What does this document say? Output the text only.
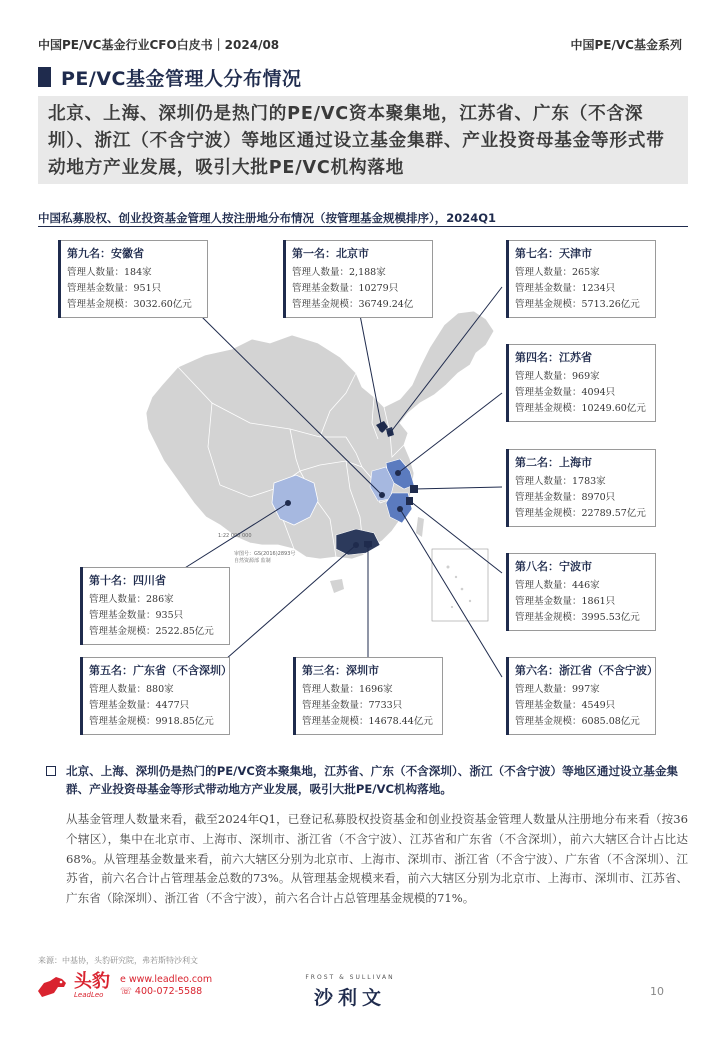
中国PE/VC基金行业CFO白皮书｜2024/08	中国PE/VC基金系列
PE/VC基金管理人分布情况
北京、上海、深圳仍是热门的PE/VC资本聚集地，江苏省、广东（不含深圳）、浙江（不含宁波）等地区通过设立基金集群、产业投资母基金等形式带动地方产业发展，吸引大批PE/VC机构落地
中国私募股权、创业投资基金管理人按注册地分布情况（按管理基金规模排序），2024Q1
1:22 000 000
审图号：GS(2016)2893号
自然资源部 监制
第九名：安徽省
管理人数量：184家
管理基金数量：951只
管理基金规模：3032.60亿元
第一名：北京市
管理人数量：2,188家
管理基金数量：10279只
管理基金规模：36749.24亿
第七名：天津市
管理人数量：265家
管理基金数量：1234只
管理基金规模：5713.26亿元
第四名：江苏省
管理人数量：969家
管理基金数量：4094只
管理基金规模：10249.60亿元
第二名：上海市
管理人数量：1783家
管理基金数量：8970只
管理基金规模：22789.57亿元
第八名：宁波市
管理人数量：446家
管理基金数量：1861只
管理基金规模：3995.53亿元
第十名：四川省
管理人数量：286家
管理基金数量：935只
管理基金规模：2522.85亿元
第五名：广东省（不含深圳）
管理人数量：880家
管理基金数量：4477只
管理基金规模：9918.85亿元
第三名：深圳市
管理人数量：1696家
管理基金数量：7733只
管理基金规模：14678.44亿元
第六名：浙江省（不含宁波）
管理人数量：997家
管理基金数量：4549只
管理基金规模：6085.08亿元
北京、上海、深圳仍是热门的PE/VC资本聚集地，江苏省、广东（不含深圳）、浙江（不含宁波）等地区通过设立基金集群、产业投资母基金等形式带动地方产业发展，吸引大批PE/VC机构落地。
从基金管理人数量来看，截至2024年Q1，已登记私募股权投资基金和创业投资基金管理人数量从注册地分布来看（按36个辖区），集中在北京市、上海市、深圳市、浙江省（不含宁波）、江苏省和广东省（不含深圳），前六大辖区合计占比达68%。从管理基金数量来看，前六大辖区分别为北京市、上海市、深圳市、浙江省（不含宁波）、广东省（不含深圳）、江苏省，前六名合计占管理基金总数的73%。从管理基金规模来看，前六大辖区分别为北京市、上海市、深圳市、江苏省、广东省（除深圳）、浙江省（不含宁波），前六名合计占总管理基金规模的71%。
来源：中基协，头豹研究院，弗若斯特沙利文
头豹
LeadLeo
e www.leadleo.com
☏ 400-072-5588
FROST & SULLIVAN
沙利文	10
